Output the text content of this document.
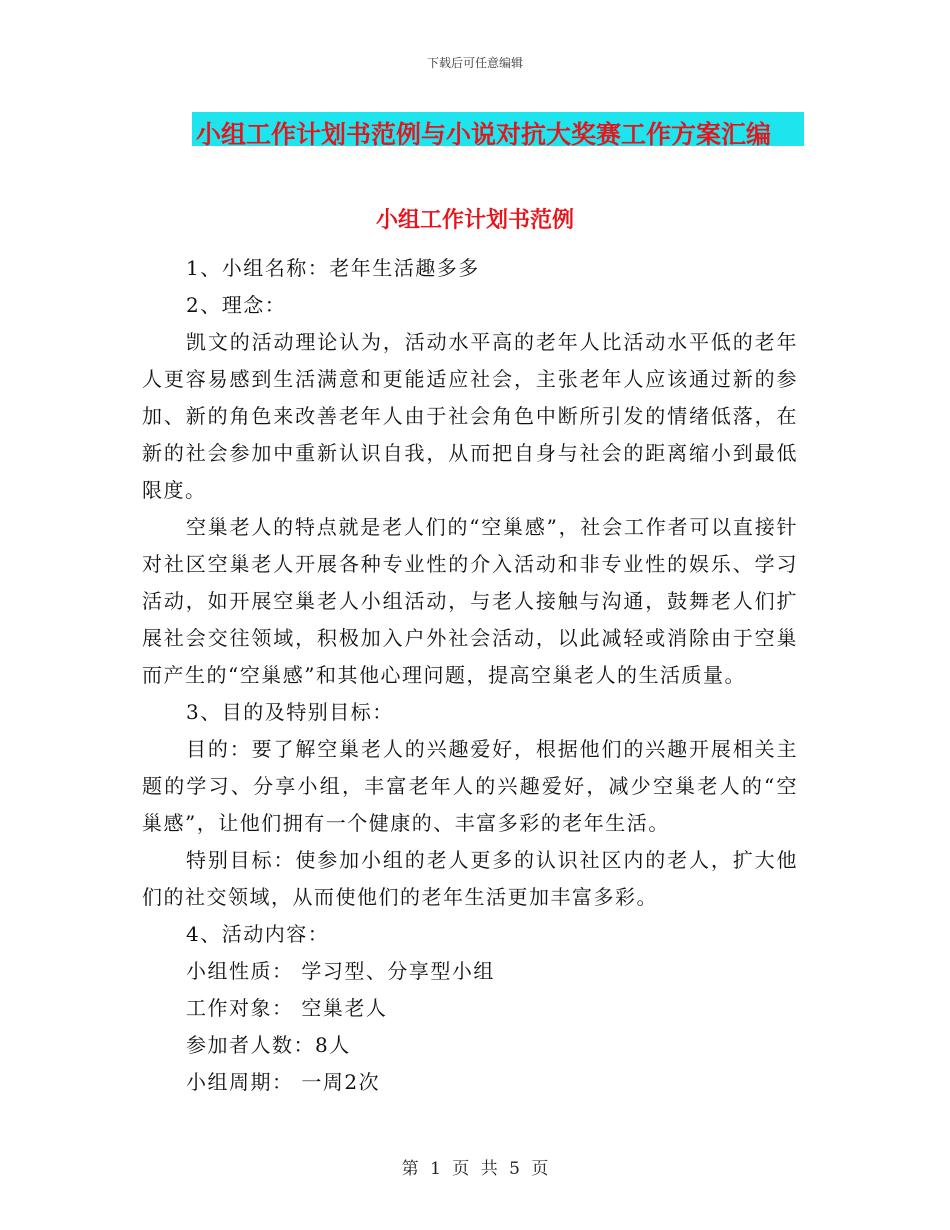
下载后可任意编辑
小组工作计划书范例与小说对抗大奖赛工作方案汇编
小组工作计划书范例

1、小组名称：老年生活趣多多

2、理念：

凯文的活动理论认为，活动水平高的老年人比活动水平低的老年人更容易感到生活满意和更能适应社会，主张老年人应该通过新的参加、新的角色来改善老年人由于社会角色中断所引发的情绪低落，在新的社会参加中重新认识自我，从而把自身与社会的距离缩小到最低限度。

空巢老人的特点就是老人们的“空巢感”，社会工作者可以直接针对社区空巢老人开展各种专业性的介入活动和非专业性的娱乐、学习活动，如开展空巢老人小组活动，与老人接触与沟通，鼓舞老人们扩展社会交往领域，积极加入户外社会活动，以此减轻或消除由于空巢而产生的“空巢感”和其他心理问题，提高空巢老人的生活质量。

3、目的及特别目标：

目的：要了解空巢老人的兴趣爱好，根据他们的兴趣开展相关主题的学习、分享小组，丰富老年人的兴趣爱好，减少空巢老人的“空巢感”，让他们拥有一个健康的、丰富多彩的老年生活。

特别目标：使参加小组的老人更多的认识社区内的老人，扩大他们的社交领域，从而使他们的老年生活更加丰富多彩。

4、活动内容：

小组性质： 学习型、分享型小组

工作对象： 空巢老人

参加者人数：8人

小组周期： 一周2次

第 1 页 共 5 页
